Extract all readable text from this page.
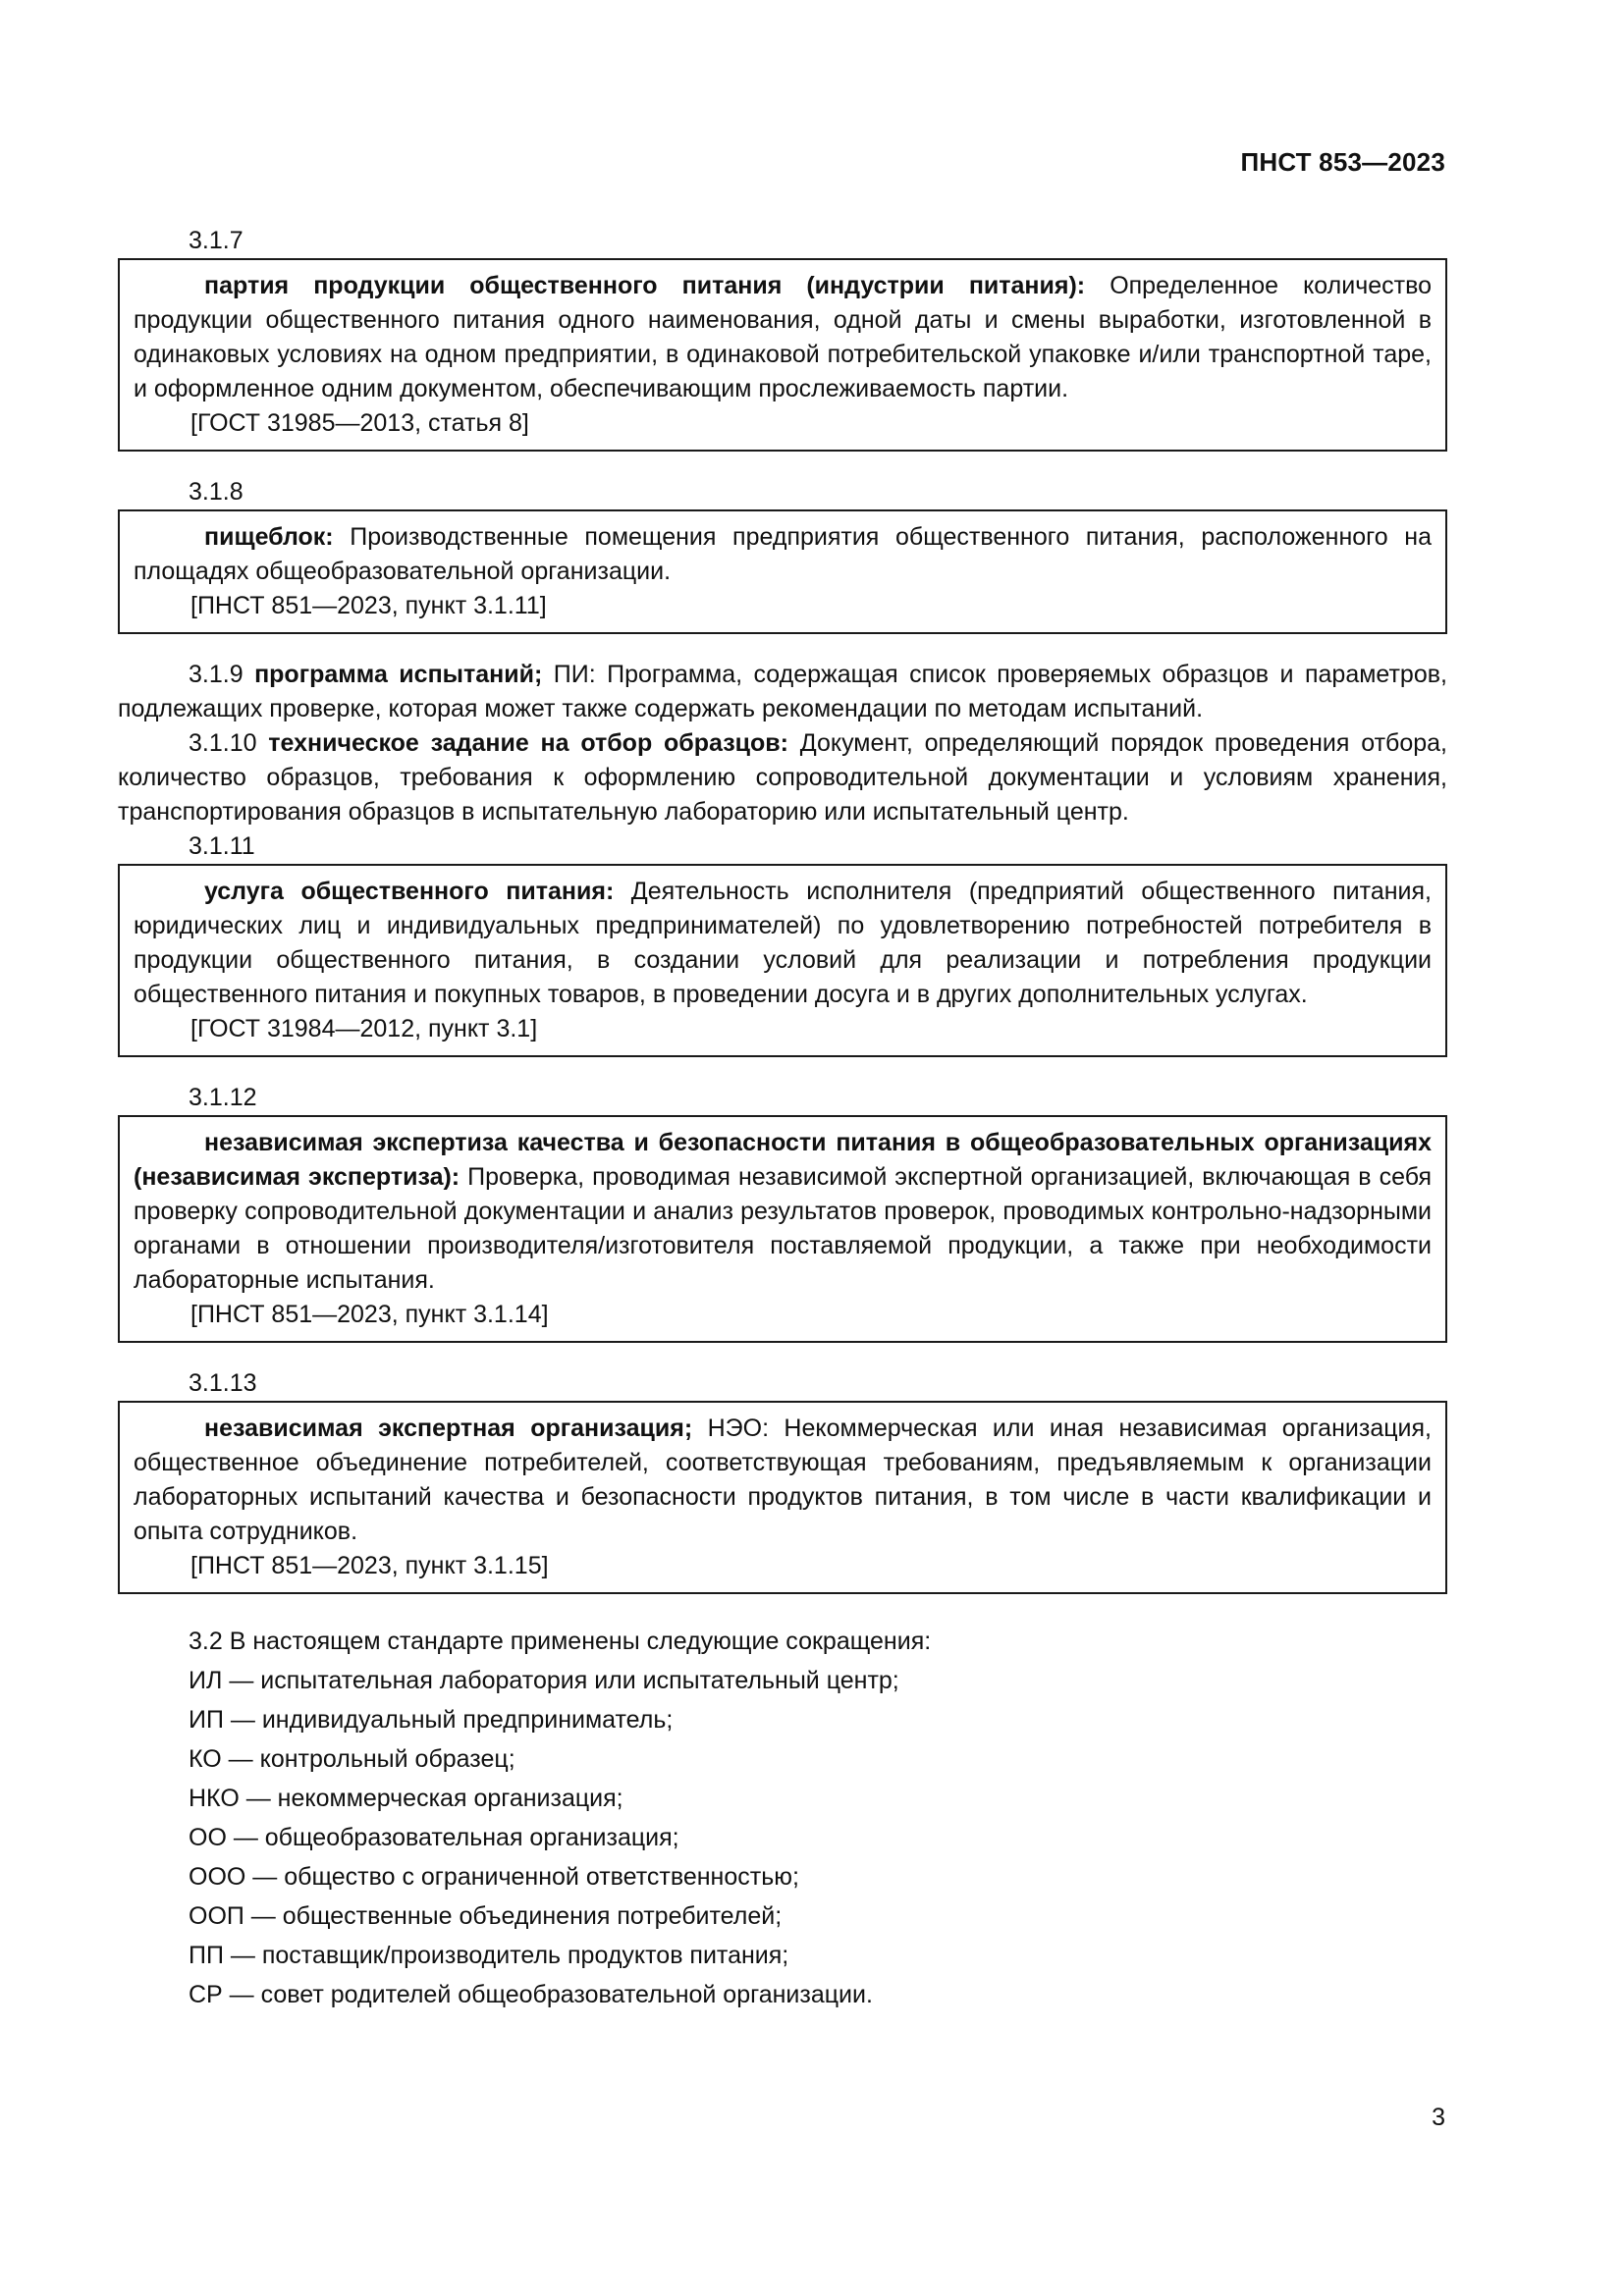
ПНСТ 853—2023
3.1.7

партия продукции общественного питания (индустрии питания): Определенное количество продукции общественного питания одного наименования, одной даты и смены выработки, изготовленной в одинаковых условиях на одном предприятии, в одинаковой потребительской упаковке и/или транспортной таре, и оформленное одним документом, обеспечивающим прослеживаемость партии.

[ГОСТ 31985—2013, статья 8]
3.1.8

пищеблок: Производственные помещения предприятия общественного питания, расположенного на площадях общеобразовательной организации.

[ПНСТ 851—2023, пункт 3.1.11]

3.1.9 программа испытаний; ПИ: Программа, содержащая список проверяемых образцов и параметров, подлежащих проверке, которая может также содержать рекомендации по методам испытаний.

3.1.10 техническое задание на отбор образцов: Документ, определяющий порядок проведения отбора, количество образцов, требования к оформлению сопроводительной документации и условиям хранения, транспортирования образцов в испытательную лабораторию или испытательный центр.

3.1.11

услуга общественного питания: Деятельность исполнителя (предприятий общественного питания, юридических лиц и индивидуальных предпринимателей) по удовлетворению потребностей потребителя в продукции общественного питания, в создании условий для реализации и потребления продукции общественного питания и покупных товаров, в проведении досуга и в других дополнительных услугах.

[ГОСТ 31984—2012, пункт 3.1]
3.1.12

независимая экспертиза качества и безопасности питания в общеобразовательных организациях (независимая экспертиза): Проверка, проводимая независимой экспертной организацией, включающая в себя проверку сопроводительной документации и анализ результатов проверок, проводимых контрольно-надзорными органами в отношении производителя/изготовителя поставляемой продукции, а также при необходимости лабораторные испытания.

[ПНСТ 851—2023, пункт 3.1.14]
3.1.13

независимая экспертная организация; НЭО: Некоммерческая или иная независимая организация, общественное объединение потребителей, соответствующая требованиям, предъявляемым к организации лабораторных испытаний качества и безопасности продуктов питания, в том числе в части квалификации и опыта сотрудников.

[ПНСТ 851—2023, пункт 3.1.15]
3.2 В настоящем стандарте применены следующие сокращения:
ИЛ — испытательная лаборатория или испытательный центр;
ИП — индивидуальный предприниматель;
КО — контрольный образец;
НКО — некоммерческая организация;
ОО — общеобразовательная организация;
ООО — общество с ограниченной ответственностью;
ООП — общественные объединения потребителей;
ПП — поставщик/производитель продуктов питания;
СР — совет родителей общеобразовательной организации.
3
